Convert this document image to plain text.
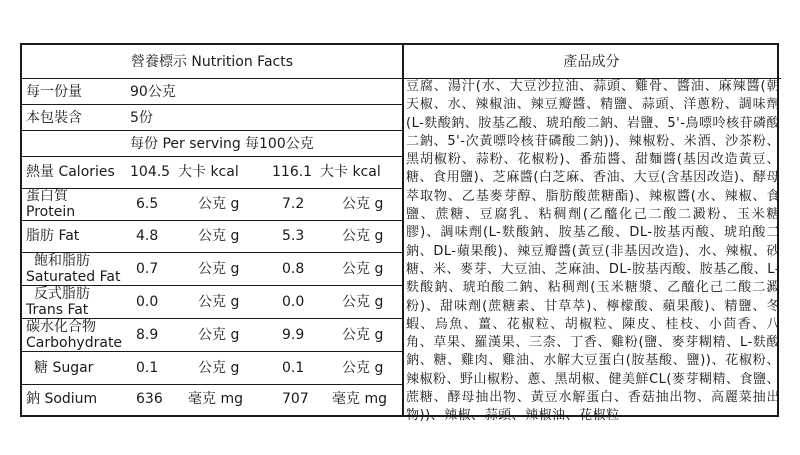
營養標示 Nutrition Facts	產品成分
每一份量	90公克
本包裝含	5份
每份 Per serving 每100公克
熱量 Calories 104.5 大卡 kcal 116.1 大卡 kcal
蛋白質
Protein	6.5	公克 g	7.2	公克 g
脂肪 Fat	4.8	公克 g	5.3	公克 g
飽和脂肪
Saturated Fat 0.7	公克 g	0.8	公克 g
反式脂肪
Trans Fat	0.0	公克 g	0.0	公克 g
碳水化合物
Carbohydrate 8.9	公克 g	9.9	公克 g
糖 Sugar	0.1	公克 g	0.1	公克 g
鈉 Sodium	636 毫克 mg	707 毫克 mg
豆腐、湯汁(水、大豆沙拉油、蒜頭、雞骨、醬油、麻辣醬(朝天椒、水、辣椒油、辣豆瓣醬、精鹽、蒜頭、洋蔥粉、調味劑(L-麩酸鈉、胺基乙酸、琥珀酸二鈉、岩鹽、5'-鳥嘌呤核苷磷酸二鈉、5'-次黃嘌呤核苷磷酸二鈉))、辣椒粉、米酒、沙茶粉、黑胡椒粉、蒜粉、花椒粉)、番茄醬、甜麵醬(基因改造黃豆、糖、食用鹽)、芝麻醬(白芝麻、香油、大豆(含基因改造)、酵母萃取物、乙基麥芽醇、脂肪酸蔗糖酯)、辣椒醬(水、辣椒、食鹽、蔗糖、豆腐乳、粘稠劑(乙醯化己二酸二澱粉、玉米糖膠)、調味劑(L-麩酸鈉、胺基乙酸、DL-胺基丙酸、琥珀酸二鈉、DL-蘋果酸)、辣豆瓣醬(黃豆(非基因改造)、水、辣椒、砂糖、米、麥芽、大豆油、芝麻油、DL-胺基丙酸、胺基乙酸、L-麩酸鈉、琥珀酸二鈉、粘稠劑(玉米糖漿、乙醯化己二酸二澱粉)、甜味劑(蔗糖素、甘草萃)、檸檬酸、蘋果酸)、精鹽、冬蝦、烏魚、薑、花椒粒、胡椒粒、陳皮、桂枝、小茴香、八角、草果、羅漢果、三柰、丁香、雞粉(鹽、麥芽糊精、L-麩酸鈉、糖、雞肉、雞油、水解大豆蛋白(胺基酸、鹽))、花椒粉、辣椒粉、野山椒粉、蔥、黑胡椒、健美鮮CL(麥芽糊精、食鹽、蔗糖、酵母抽出物、黃豆水解蛋白、香菇抽出物、高麗菜抽出物))、辣椒、蒜頭、辣椒油、花椒粒
